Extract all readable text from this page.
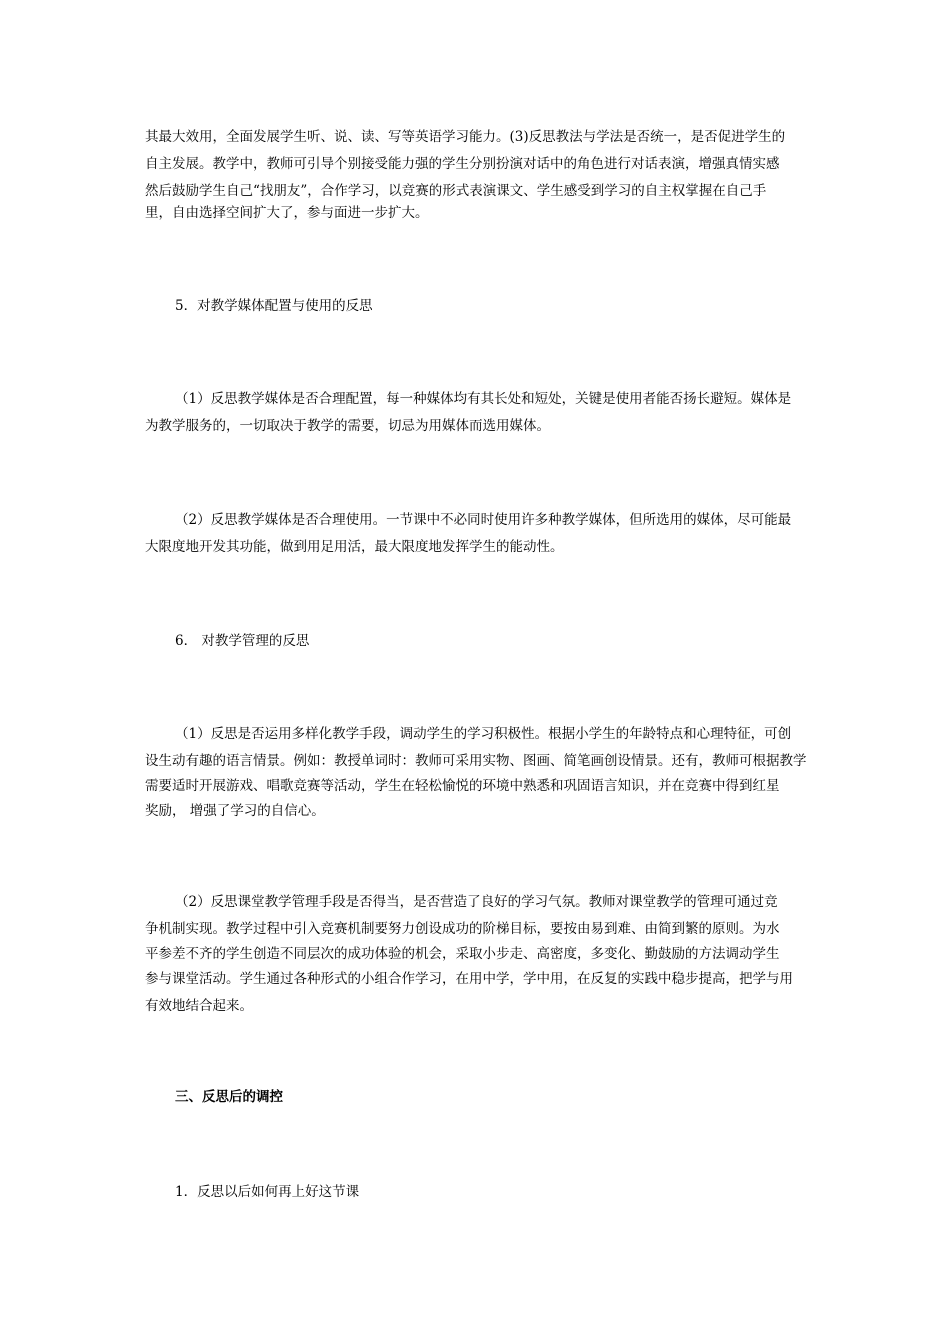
其最大效用，全面发展学生听、说、读、写等英语学习能力。(3)反思教法与学法是否统一，是否促进学生的
自主发展。教学中，教师可引导个别接受能力强的学生分别扮演对话中的角色进行对话表演，增强真情实感
然后鼓励学生自己“找朋友”，合作学习，以竞赛的形式表演课文、学生感受到学习的自主权掌握在自己手
里，自由选择空间扩大了，参与面进一步扩大。
5．对教学媒体配置与使用的反思
（1）反思教学媒体是否合理配置，每一种媒体均有其长处和短处，关键是使用者能否扬长避短。媒体是
为教学服务的，一切取决于教学的需要，切忌为用媒体而选用媒体。
（2）反思教学媒体是否合理使用。一节课中不必同时使用许多种教学媒体，但所选用的媒体，尽可能最
大限度地开发其功能，做到用足用活，最大限度地发挥学生的能动性。
6． 对教学管理的反思
（1）反思是否运用多样化教学手段，调动学生的学习积极性。根据小学生的年龄特点和心理特征，可创
设生动有趣的语言情景。例如：教授单词时：教师可采用实物、图画、简笔画创设情景。还有，教师可根据教学
需要适时开展游戏、唱歌竞赛等活动，学生在轻松愉悦的环境中熟悉和巩固语言知识，并在竞赛中得到红星
奖励， 增强了学习的自信心。
（2）反思课堂教学管理手段是否得当，是否营造了良好的学习气氛。教师对课堂教学的管理可通过竞
争机制实现。教学过程中引入竞赛机制要努力创设成功的阶梯目标，要按由易到难、由简到繁的原则。为水
平参差不齐的学生创造不同层次的成功体验的机会，采取小步走、高密度，多变化、勤鼓励的方法调动学生
参与课堂活动。学生通过各种形式的小组合作学习，在用中学，学中用，在反复的实践中稳步提高，把学与用
有效地结合起来。
三、反思后的调控
1．反思以后如何再上好这节课
